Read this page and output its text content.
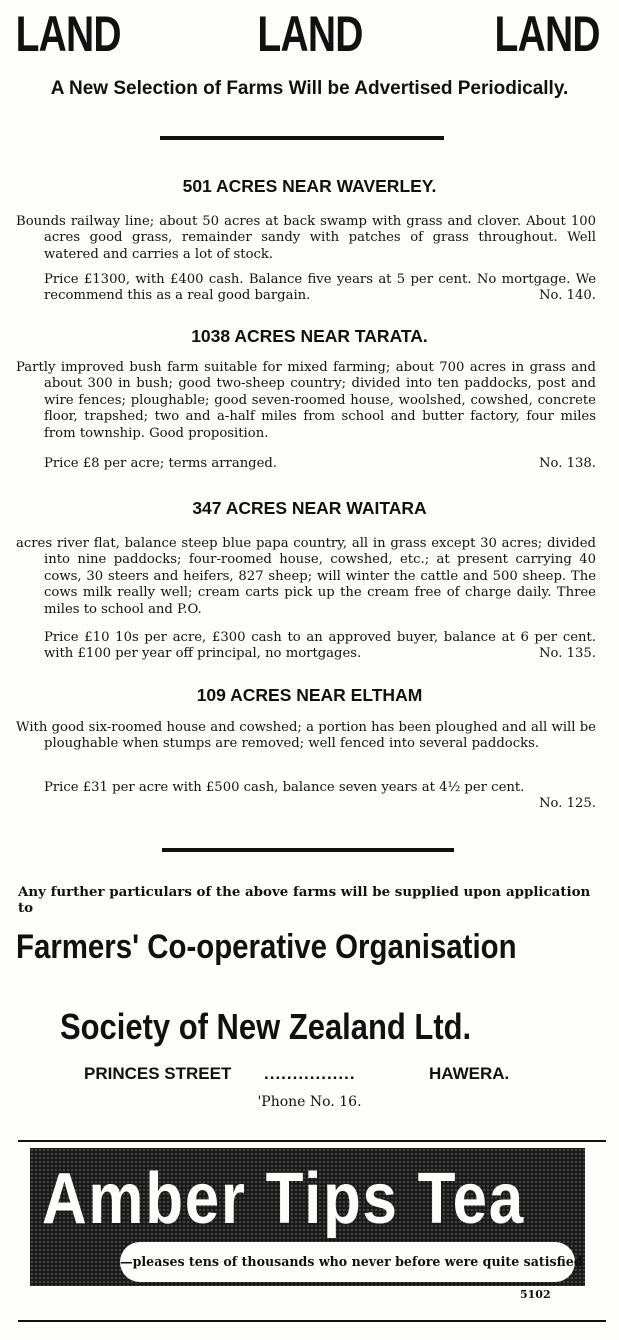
LAND	LAND	LAND
A New Selection of Farms Will be Advertised Periodically.
501 ACRES NEAR WAVERLEY.
Bounds railway line; about 50 acres at back swamp with grass and clover. About 100 acres good grass, remainder sandy with patches of grass throughout. Well watered and carries a lot of stock.
Price £1300, with £400 cash. Balance five years at 5 per cent. No mortgage. We recommend this as a real good bargain.	No. 140.
1038 ACRES NEAR TARATA.
Partly improved bush farm suitable for mixed farming; about 700 acres in grass and about 300 in bush; good two-sheep country; divided into ten paddocks, post and wire fences; ploughable; good seven-roomed house, woolshed, cowshed, concrete floor, trapshed; two and a-half miles from school and butter factory, four miles from township. Good proposition.
Price £8 per acre; terms arranged.	No. 138.
347 ACRES NEAR WAITARA
acres river flat, balance steep blue papa country, all in grass except 30 acres; divided into nine paddocks; four-roomed house, cowshed, etc.; at present carrying 40 cows, 30 steers and heifers, 827 sheep; will winter the cattle and 500 sheep. The cows milk really well; cream carts pick up the cream free of charge daily. Three miles to school and P.O.
Price £10 10s per acre, £300 cash to an approved buyer, balance at 6 per cent. with £100 per year off principal, no mortgages.	No. 135.
109 ACRES NEAR ELTHAM
With good six-roomed house and cowshed; a portion has been ploughed and all will be ploughable when stumps are removed; well fenced into several paddocks.
Price £31 per acre with £500 cash, balance seven years at 4½ per cent.

No. 125.
Any further particulars of the above farms will be supplied upon application to
Farmers' Co-operative Organisation
Society of New Zealand Ltd.
PRINCES STREET ................	HAWERA.
'Phone No. 16.
Amber Tips Tea
—pleases tens of thousands who never before were quite satisfied
5102
